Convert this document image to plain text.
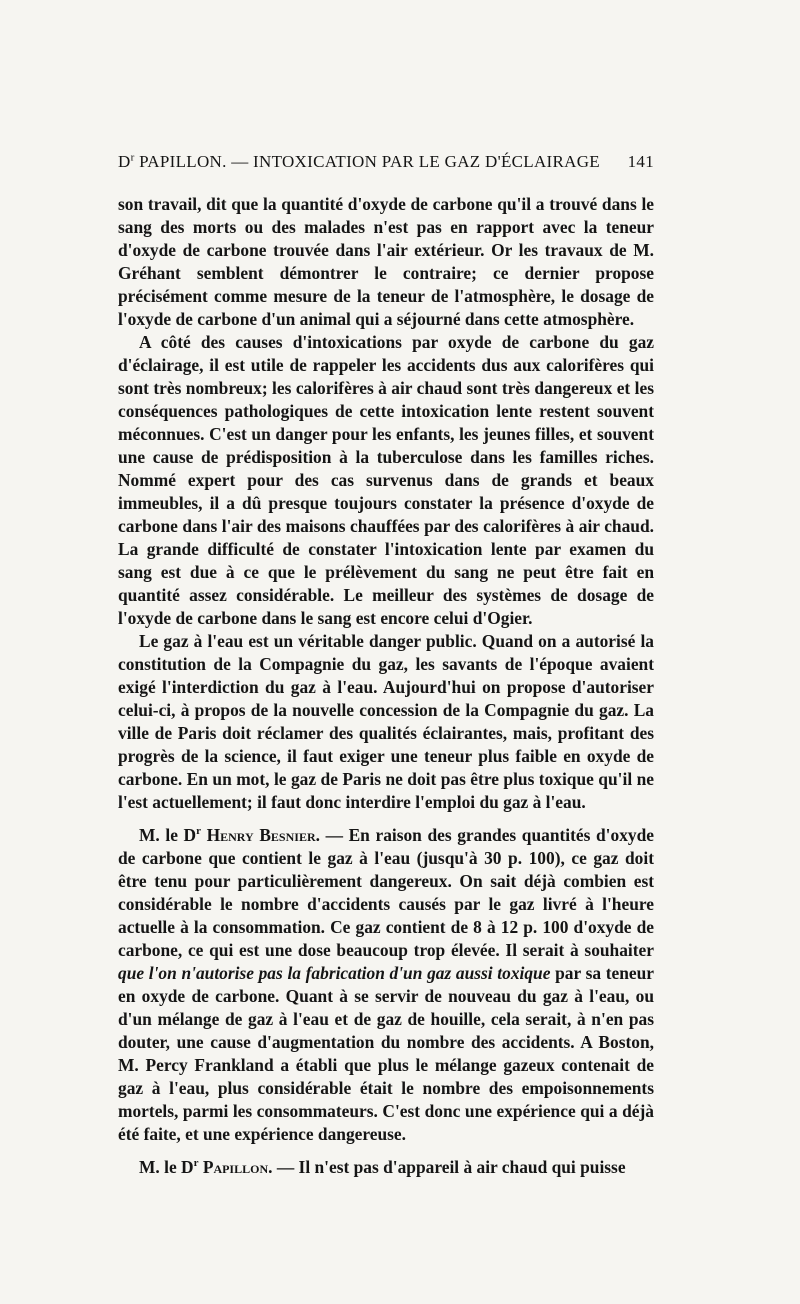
$D^r$ PAPILLON. — INTOXICATION PAR LE GAZ D'ÉCLAIRAGE 141

son travail, dit que la quantité d'oxyde de carbone qu'il a trouvé dans le sang des morts ou des malades n'est pas en rapport avec la teneur d'oxyde de carbone trouvée dans l'air extérieur. Or les travaux de M. Gréhant semblent démontrer le contraire; ce dernier propose précisément comme mesure de la teneur de l'atmosphère, le dosage de l'oxyde de carbone d'un animal qui a séjourné dans cette atmosphère.

A côté des causes d'intoxications par oxyde de carbone du gaz d'éclairage, il est utile de rappeler les accidents dus aux calorifères qui sont très nombreux; les calorifères à air chaud sont très dangereux et les conséquences pathologiques de cette intoxication lente restent souvent méconnues. C'est un danger pour les enfants, les jeunes filles, et souvent une cause de prédisposition à la tuberculose dans les familles riches. Nommé expert pour des cas survenus dans de grands et beaux immeubles, il a dû presque toujours constater la présence d'oxyde de carbone dans l'air des maisons chauffées par des calorifères à air chaud. La grande difficulté de constater l'intoxication lente par examen du sang est due à ce que le prélèvement du sang ne peut être fait en quantité assez considérable. Le meilleur des systèmes de dosage de l'oxyde de carbone dans le sang est encore celui d'Ogier.

Le gaz à l'eau est un véritable danger public. Quand on a autorisé la constitution de la Compagnie du gaz, les savants de l'époque avaient exigé l'interdiction du gaz à l'eau. Aujourd'hui on propose d'autoriser celui-ci, à propos de la nouvelle concession de la Compagnie du gaz. La ville de Paris doit réclamer des qualités éclairantes, mais, profitant des progrès de la science, il faut exiger une teneur plus faible en oxyde de carbone. En un mot, le gaz de Paris ne doit pas être plus toxique qu'il ne l'est actuellement; il faut donc interdire l'emploi du gaz à l'eau.

M. le $D^r$ Henry Besnier. — En raison des grandes quantités d'oxyde de carbone que contient le gaz à l'eau (jusqu'à 30 p. 100), ce gaz doit être tenu pour particulièrement dangereux. On sait déjà combien est considérable le nombre d'accidents causés par le gaz livré à l'heure actuelle à la consommation. Ce gaz contient de 8 à 12 p. 100 d'oxyde de carbone, ce qui est une dose beaucoup trop élevée. Il serait à souhaiter que l'on n'autorise pas la fabrication d'un gaz aussi toxique par sa teneur en oxyde de carbone. Quant à se servir de nouveau du gaz à l'eau, ou d'un mélange de gaz à l'eau et de gaz de houille, cela serait, à n'en pas douter, une cause d'augmentation du nombre des accidents. A Boston, M. Percy Frankland a établi que plus le mélange gazeux contenait de gaz à l'eau, plus considérable était le nombre des empoisonnements mortels, parmi les consommateurs. C'est donc une expérience qui a déjà été faite, et une expérience dangereuse.

M. le $D^r$ Papillon. — Il n'est pas d'appareil à air chaud qui puisse
